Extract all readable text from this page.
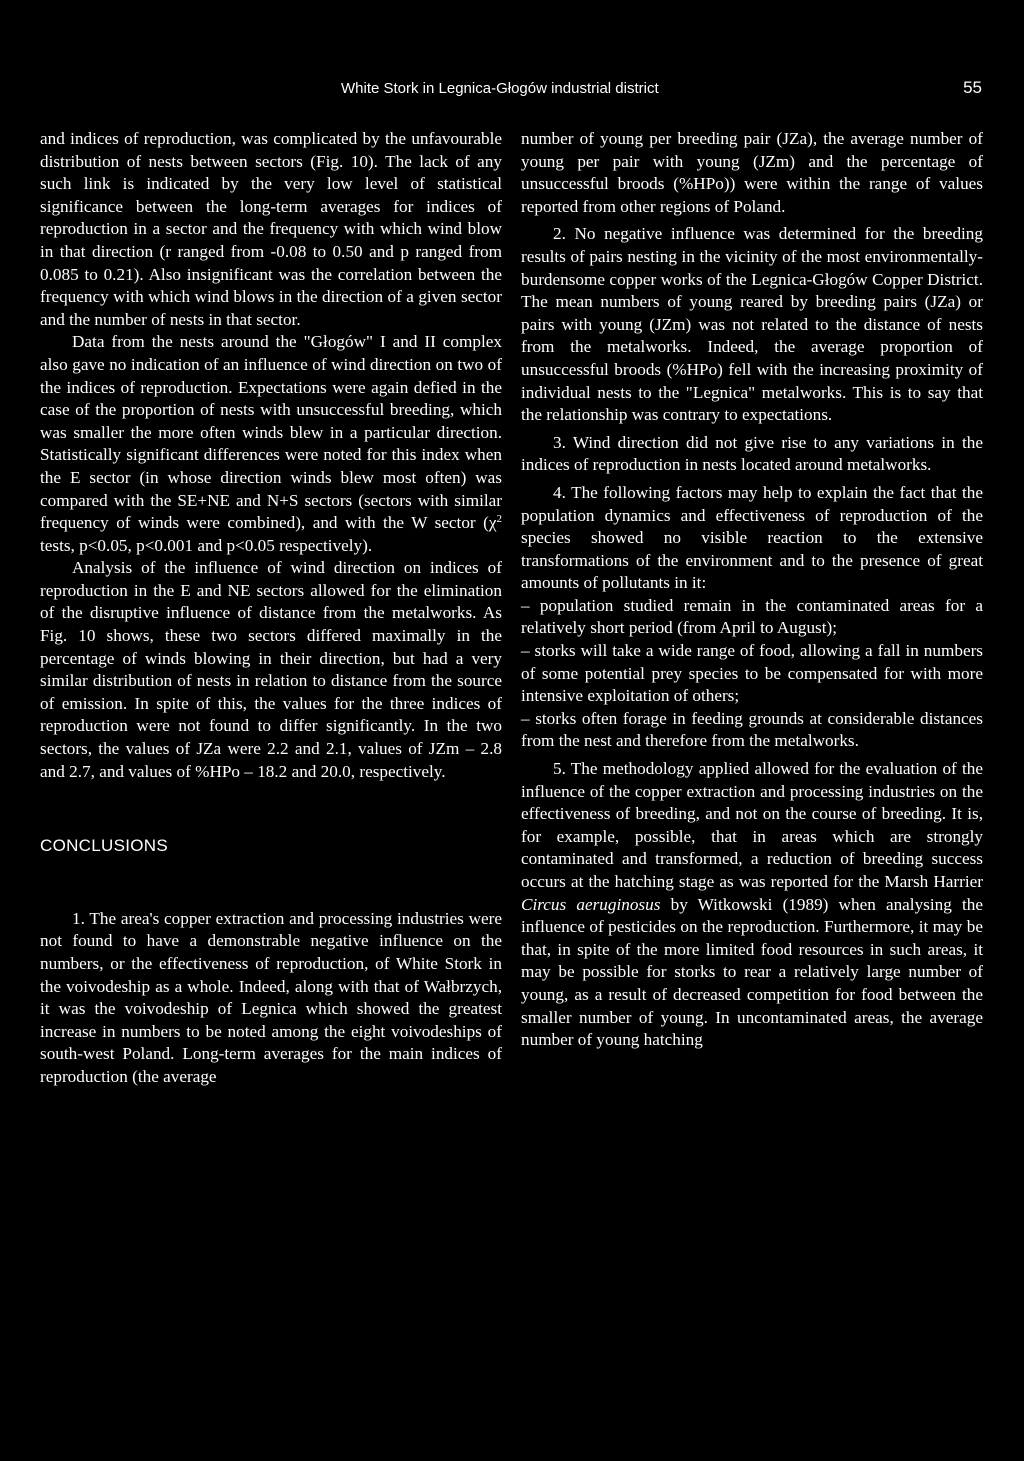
White Stork in Legnica-Głogów industrial district	55

and indices of reproduction, was complicated by the unfavourable distribution of nests between sectors (Fig. 10). The lack of any such link is indicated by the very low level of statistical significance between the long-term averages for indices of reproduction in a sector and the frequency with which wind blow in that direction (r ranged from -0.08 to 0.50 and p ranged from 0.085 to 0.21). Also insignificant was the correlation between the frequency with which wind blows in the direction of a given sector and the number of nests in that sector.

Data from the nests around the "Głogów" I and II complex also gave no indication of an influence of wind direction on two of the indices of reproduction. Expectations were again defied in the case of the proportion of nests with unsuccessful breeding, which was smaller the more often winds blew in a particular direction. Statistically significant differences were noted for this index when the E sector (in whose direction winds blew most often) was compared with the SE+NE and N+S sectors (sectors with similar frequency of winds were combined), and with the W sector ($\chi^2$ tests, p<0.05, p<0.001 and p<0.05 respectively).

Analysis of the influence of wind direction on indices of reproduction in the E and NE sectors allowed for the elimination of the disruptive influence of distance from the metalworks. As Fig. 10 shows, these two sectors differed maximally in the percentage of winds blowing in their direction, but had a very similar distribution of nests in relation to distance from the source of emission. In spite of this, the values for the three indices of reproduction were not found to differ significantly. In the two sectors, the values of JZa were 2.2 and 2.1, values of JZm – 2.8 and 2.7, and values of %HPo – 18.2 and 20.0, respectively.

CONCLUSIONS

1. The area's copper extraction and processing industries were not found to have a demonstrable negative influence on the numbers, or the effectiveness of reproduction, of White Stork in the voivodeship as a whole. Indeed, along with that of Wałbrzych, it was the voivodeship of Legnica which showed the greatest increase in numbers to be noted among the eight voivodeships of south-west Poland. Long-term averages for the main indices of reproduction (the average

number of young per breeding pair (JZa), the average number of young per pair with young (JZm) and the percentage of unsuccessful broods (%HPo)) were within the range of values reported from other regions of Poland.

2. No negative influence was determined for the breeding results of pairs nesting in the vicinity of the most environmentally-burdensome copper works of the Legnica-Głogów Copper District. The mean numbers of young reared by breeding pairs (JZa) or pairs with young (JZm) was not related to the distance of nests from the metalworks. Indeed, the average proportion of unsuccessful broods (%HPo) fell with the increasing proximity of individual nests to the "Legnica" metalworks. This is to say that the relationship was contrary to expectations.

3. Wind direction did not give rise to any variations in the indices of reproduction in nests located around metalworks.

4. The following factors may help to explain the fact that the population dynamics and effectiveness of reproduction of the species showed no visible reaction to the extensive transformations of the environment and to the presence of great amounts of pollutants in it:

– population studied remain in the contaminated areas for a relatively short period (from April to August);

– storks will take a wide range of food, allowing a fall in numbers of some potential prey species to be compensated for with more intensive exploitation of others;

– storks often forage in feeding grounds at considerable distances from the nest and therefore from the metalworks.

5. The methodology applied allowed for the evaluation of the influence of the copper extraction and processing industries on the effectiveness of breeding, and not on the course of breeding. It is, for example, possible, that in areas which are strongly contaminated and transformed, a reduction of breeding success occurs at the hatching stage as was reported for the Marsh Harrier Circus aeruginosus by Witkowski (1989) when analysing the influence of pesticides on the reproduction. Furthermore, it may be that, in spite of the more limited food resources in such areas, it may be possible for storks to rear a relatively large number of young, as a result of decreased competition for food between the smaller number of young. In uncontaminated areas, the average number of young hatching
